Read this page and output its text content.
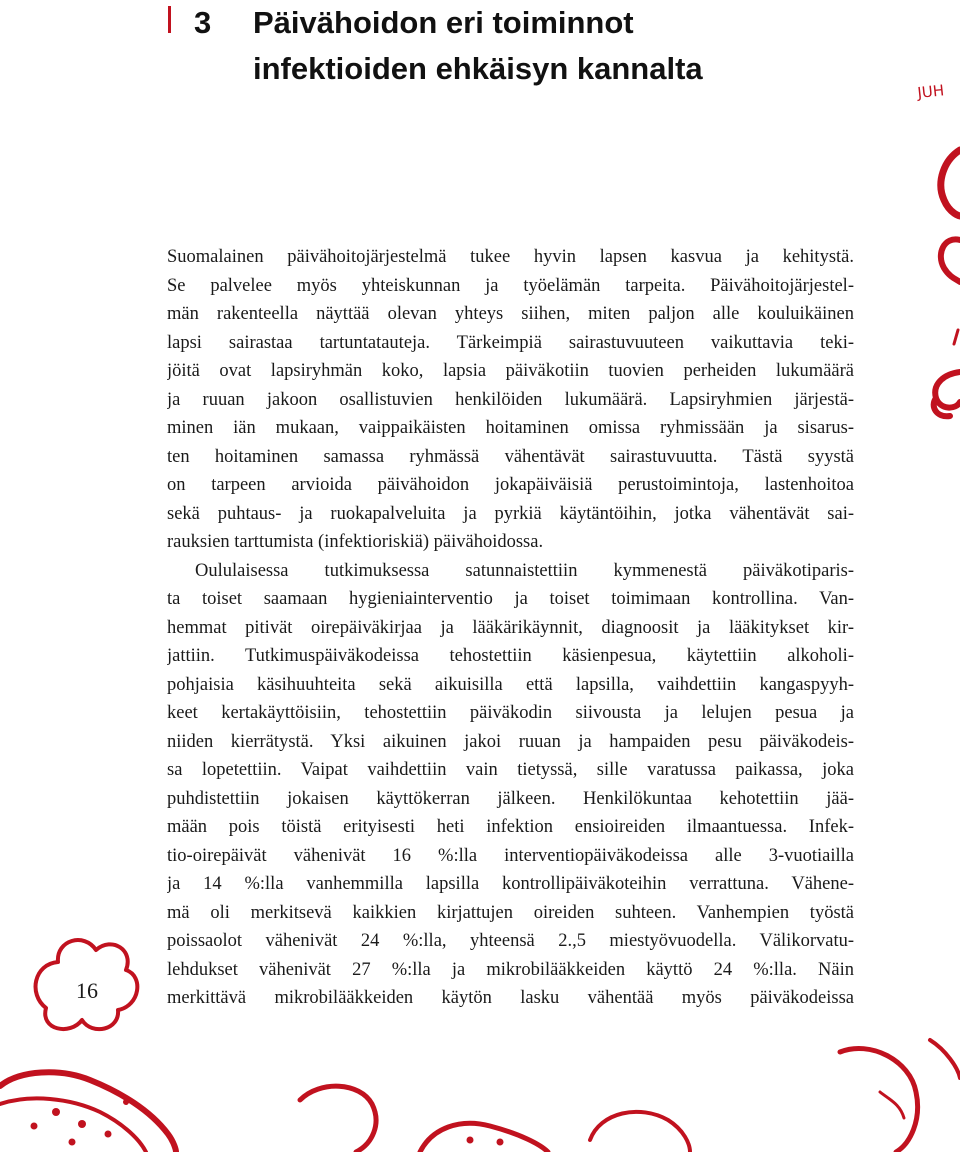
3 Päivähoidon eri toiminnot
infektioiden ehkäisyn kannalta
JUH
Suomalainen päivähoitojärjestelmä tukee hyvin lapsen kasvua ja kehitystä.
Se palvelee myös yhteiskunnan ja työelämän tarpeita. Päivähoitojärjestel-
män rakenteella näyttää olevan yhteys siihen, miten paljon alle kouluikäinen
lapsi sairastaa tartuntatauteja. Tärkeimpiä sairastuvuuteen vaikuttavia teki-
jöitä ovat lapsiryhmän koko, lapsia päiväkotiin tuovien perheiden lukumäärä
ja ruuan jakoon osallistuvien henkilöiden lukumäärä. Lapsiryhmien järjestä-
minen iän mukaan, vaippaikäisten hoitaminen omissa ryhmissään ja sisarus-
ten hoitaminen samassa ryhmässä vähentävät sairastuvuutta. Tästä syystä
on tarpeen arvioida päivähoidon jokapäiväisiä perustoimintoja, lastenhoitoa
sekä puhtaus- ja ruokapalveluita ja pyrkiä käytäntöihin, jotka vähentävät sai-
rauksien tarttumista (infektioriskiä) päivähoidossa.
Oululaisessa tutkimuksessa satunnaistettiin kymmenestä päiväkotiparis-
ta toiset saamaan hygieniainterventio ja toiset toimimaan kontrollina. Van-
hemmat pitivät oirepäiväkirjaa ja lääkärikäynnit, diagnoosit ja lääkitykset kir-
jattiin. Tutkimuspäiväkodeissa tehostettiin käsienpesua, käytettiin alkoholi-
pohjaisia käsihuuhteita sekä aikuisilla että lapsilla, vaihdettiin kangaspyyh-
keet kertakäyttöisiin, tehostettiin päiväkodin siivousta ja lelujen pesua ja
niiden kierrätystä. Yksi aikuinen jakoi ruuan ja hampaiden pesu päiväkodeis-
sa lopetettiin. Vaipat vaihdettiin vain tietyssä, sille varatussa paikassa, joka
puhdistettiin jokaisen käyttökerran jälkeen. Henkilökuntaa kehotettiin jää-
mään pois töistä erityisesti heti infektion ensioireiden ilmaantuessa. Infek-
tio-oirepäivät vähenivät 16 %:lla interventiopäiväkodeissa alle 3-vuotiailla
ja 14 %:lla vanhemmilla lapsilla kontrollipäiväkoteihin verrattuna. Vähene-
mä oli merkitsevä kaikkien kirjattujen oireiden suhteen. Vanhempien työstä
poissaolot vähenivät 24 %:lla, yhteensä 2.,5 miestyövuodella. Välikorvatu-
lehdukset vähenivät 27 %:lla ja mikrobilääkkeiden käyttö 24 %:lla. Näin
merkittävä mikrobilääkkeiden käytön lasku vähentää myös päiväkodeissa
16
